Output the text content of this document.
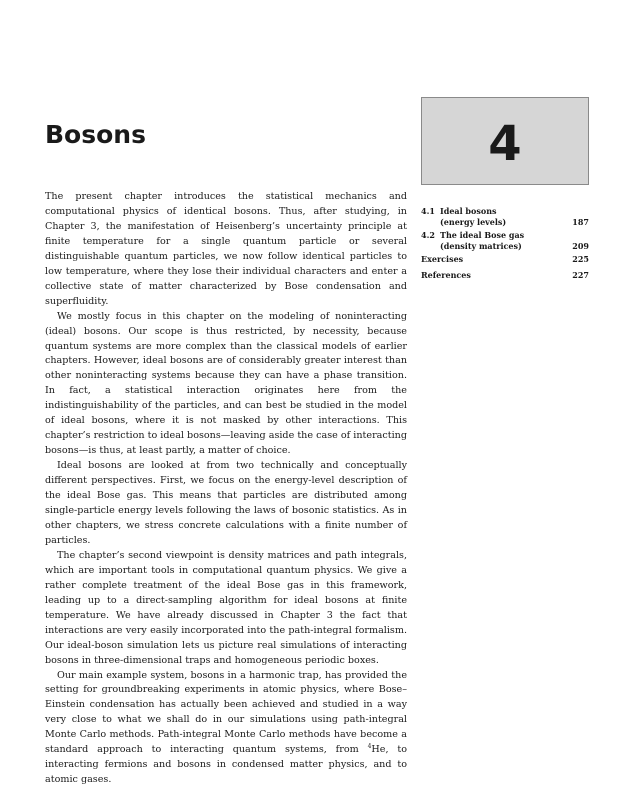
Bosons	4
4.1 Ideal bosons
(energy levels)	187
4.2 The ideal Bose gas
(density matrices)	209
Exercises	225
References	227

The present chapter introduces the statistical mechanics and computational physics of identical bosons. Thus, after studying, in Chapter 3, the manifestation of Heisenberg’s uncertainty principle at finite temperature for a single quantum particle or several distinguishable quantum particles, we now follow identical particles to low temperature, where they lose their individual characters and enter a collective state of matter characterized by Bose condensation and superfluidity.

We mostly focus in this chapter on the modeling of noninteracting (ideal) bosons. Our scope is thus restricted, by necessity, because quantum systems are more complex than the classical models of earlier chapters. However, ideal bosons are of considerably greater interest than other noninteracting systems because they can have a phase transition. In fact, a statistical interaction originates here from the indistinguishability of the particles, and can best be studied in the model of ideal bosons, where it is not masked by other interactions. This chapter’s restriction to ideal bosons—leaving aside the case of interacting bosons—is thus, at least partly, a matter of choice.

Ideal bosons are looked at from two technically and conceptually different perspectives. First, we focus on the energy-level description of the ideal Bose gas. This means that particles are distributed among single-particle energy levels following the laws of bosonic statistics. As in other chapters, we stress concrete calculations with a finite number of particles.

The chapter’s second viewpoint is density matrices and path integrals, which are important tools in computational quantum physics. We give a rather complete treatment of the ideal Bose gas in this framework, leading up to a direct-sampling algorithm for ideal bosons at finite temperature. We have already discussed in Chapter 3 the fact that interactions are very easily incorporated into the path-integral formalism. Our ideal-boson simulation lets us picture real simulations of interacting bosons in three-dimensional traps and homogeneous periodic boxes.

Our main example system, bosons in a harmonic trap, has provided the setting for groundbreaking experiments in atomic physics, where Bose–Einstein condensation has actually been achieved and studied in a way very close to what we shall do in our simulations using path-integral Monte Carlo methods. Path-integral Monte Carlo methods have become a standard approach to interacting quantum systems, from $^4$He, to interacting fermions and bosons in condensed matter physics, and to atomic gases.
